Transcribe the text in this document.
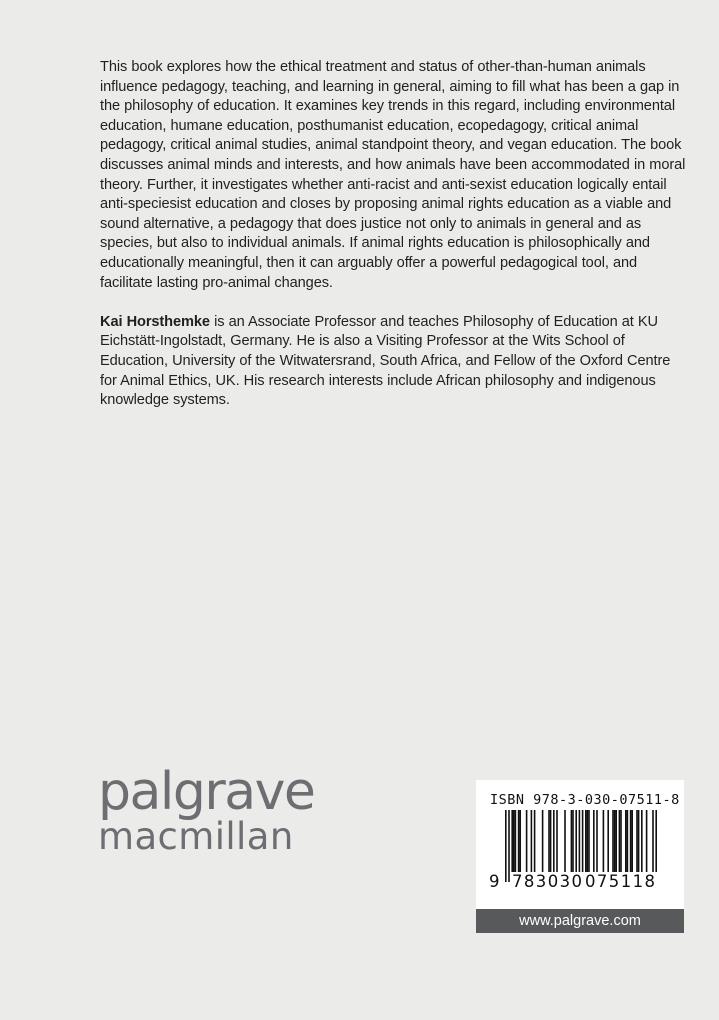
This book explores how the ethical treatment and status of other-than-human animals influence pedagogy, teaching, and learning in general, aiming to fill what has been a gap in the philosophy of education. It examines key trends in this regard, including environmental education, humane education, posthumanist education, ecopedagogy, critical animal pedagogy, critical animal studies, animal standpoint theory, and vegan education. The book discusses animal minds and interests, and how animals have been accommodated in moral theory. Further, it investigates whether anti-racist and anti-sexist education logically entail anti-speciesist education and closes by proposing animal rights education as a viable and sound alternative, a pedagogy that does justice not only to animals in general and as species, but also to individual animals. If animal rights education is philosophically and educationally meaningful, then it can arguably offer a powerful pedagogical tool, and facilitate lasting pro-animal changes.

Kai Horsthemke is an Associate Professor and teaches Philosophy of Education at KU Eichstätt-Ingolstadt, Germany. He is also a Visiting Professor at the Wits School of Education, University of the Witwatersrand, South Africa, and Fellow of the Oxford Centre for Animal Ethics, UK. His research interests include African philosophy and indigenous knowledge systems.

palgrave
macmillan
ISBN 978-3-030-07511-8
9 783030 075118
www.palgrave.com
